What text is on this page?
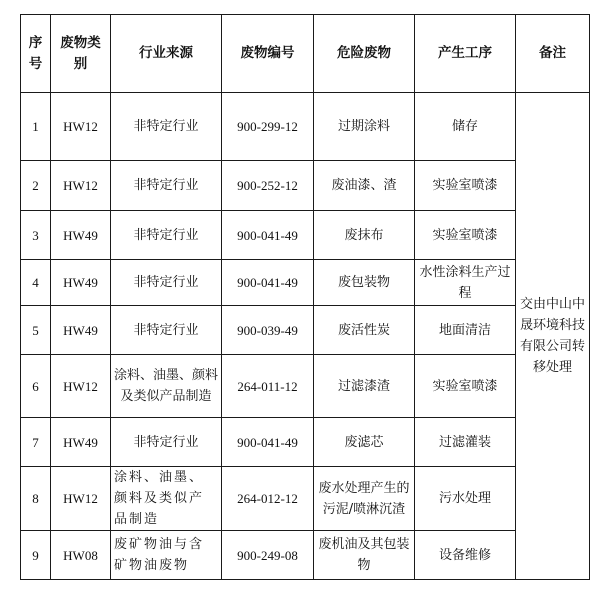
序号	废物类别	行业来源	废物编号	危险废物	产生工序	备注
1	HW12	非特定行业	900-299-12	过期涂料	储存	交由中山中晟环境科技有限公司转移处理
2	HW12	非特定行业	900-252-12	废油漆、渣	实验室喷漆	
3	HW49	非特定行业	900-041-49	废抹布	实验室喷漆	
4	HW49	非特定行业	900-041-49	废包装物	水性涂料生产过程	
5	HW49	非特定行业	900-039-49	废活性炭	地面清洁	
6	HW12	涂料、油墨、颜料及类似产品制造	264-011-12	过滤漆渣	实验室喷漆	
7	HW49	非特定行业	900-041-49	废滤芯	过滤灌装	
8	HW12	涂料、油墨、颜料及类似产品制造	264-012-12	废水处理产生的污泥/喷淋沉渣	污水处理	
9	HW08	废矿物油与含矿物油废物	900-249-08	废机油及其包装物	设备维修	
